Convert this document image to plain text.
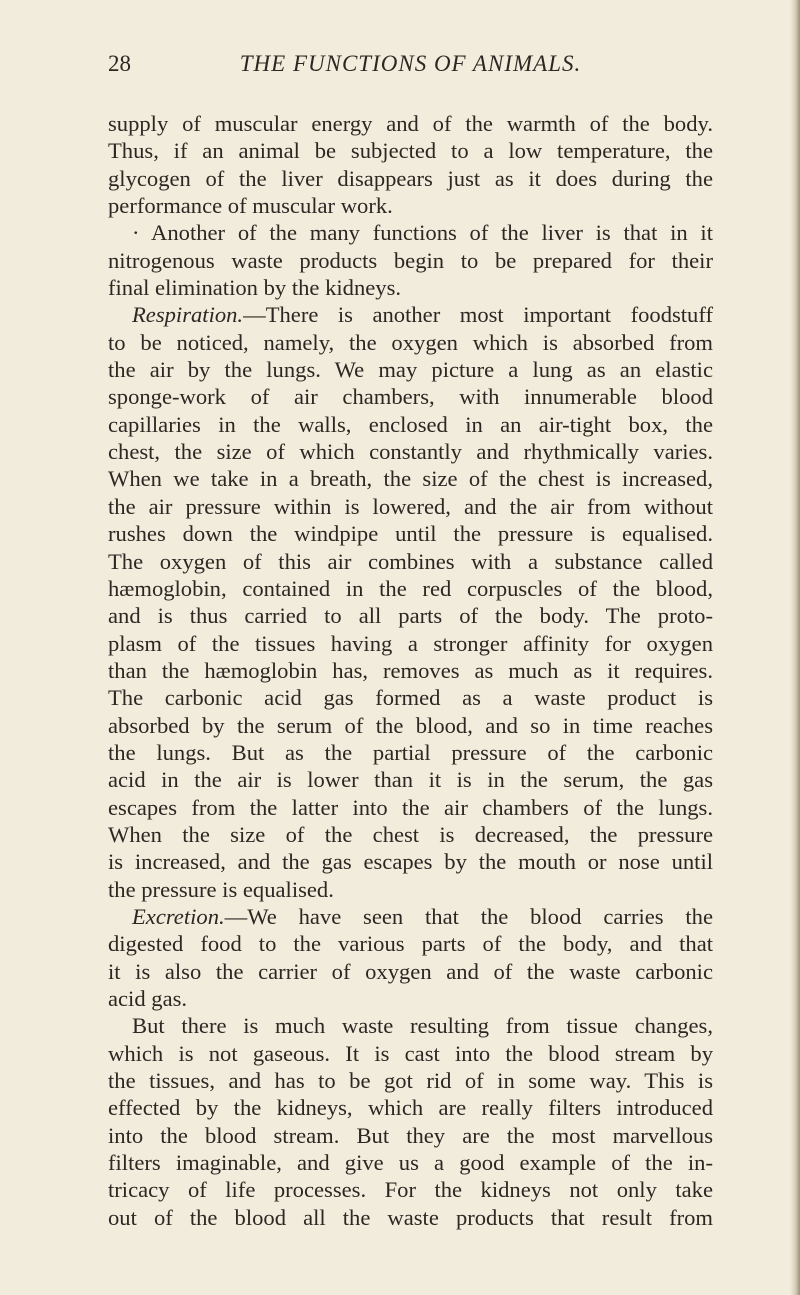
28	THE FUNCTIONS OF ANIMALS.
supply of muscular energy and of the warmth of the body.
Thus, if an animal be subjected to a low temperature, the
glycogen of the liver disappears just as it does during the
performance of muscular work.
· Another of the many functions of the liver is that in it
nitrogenous waste products begin to be prepared for their
final elimination by the kidneys.
Respiration.—There is another most important foodstuff
to be noticed, namely, the oxygen which is absorbed from
the air by the lungs. We may picture a lung as an elastic
sponge-work of air chambers, with innumerable blood
capillaries in the walls, enclosed in an air-tight box, the
chest, the size of which constantly and rhythmically varies.
When we take in a breath, the size of the chest is increased,
the air pressure within is lowered, and the air from without
rushes down the windpipe until the pressure is equalised.
The oxygen of this air combines with a substance called
hæmoglobin, contained in the red corpuscles of the blood,
and is thus carried to all parts of the body. The proto-
plasm of the tissues having a stronger affinity for oxygen
than the hæmoglobin has, removes as much as it requires.
The carbonic acid gas formed as a waste product is
absorbed by the serum of the blood, and so in time reaches
the lungs. But as the partial pressure of the carbonic
acid in the air is lower than it is in the serum, the gas
escapes from the latter into the air chambers of the lungs.
When the size of the chest is decreased, the pressure
is increased, and the gas escapes by the mouth or nose until
the pressure is equalised.
Excretion.—We have seen that the blood carries the
digested food to the various parts of the body, and that
it is also the carrier of oxygen and of the waste carbonic
acid gas.
But there is much waste resulting from tissue changes,
which is not gaseous. It is cast into the blood stream by
the tissues, and has to be got rid of in some way. This is
effected by the kidneys, which are really filters introduced
into the blood stream. But they are the most marvellous
filters imaginable, and give us a good example of the in-
tricacy of life processes. For the kidneys not only take
out of the blood all the waste products that result from
